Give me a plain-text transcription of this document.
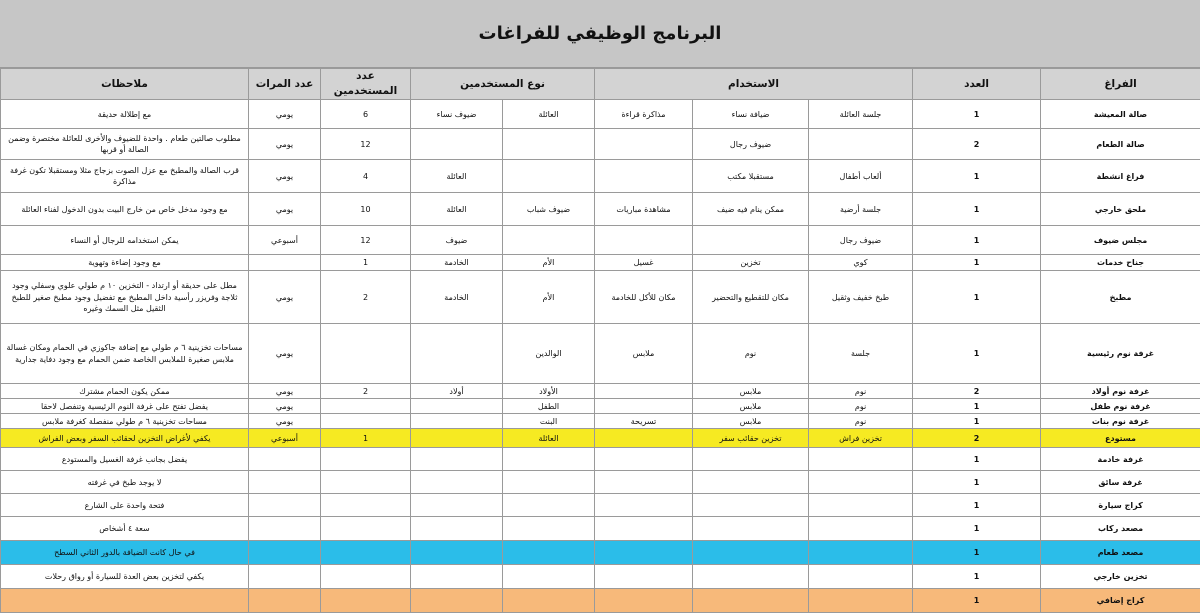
البرنامج الوظيفي للفراغات
ملاحظات	عدد المرات	عدد المستخدمين	نوع المستخدمين		الاستخدام			العدد	الفراغ
مع إطلالة حديقة	يومي	6	ضيوف نساء	العائلة	مذاكرة قراءة	ضيافة نساء	جلسة العائلة	1	صالة المعيشة
مطلوب صالتين طعام . واحدة للضيوف والأخرى للعائلة مختصرة وضمن الصالة أو قربها	يومي	12				ضيوف رجال		2	صالة الطعام
قرب الصالة والمطبخ مع عزل الصوت بزجاج مثلا ومستقبلا تكون غرفة مذاكرة	يومي	4	العائلة			مستقبلا مكتب	ألعاب أطفال	1	فراغ انشطة
مع وجود مدخل خاص من خارج البيت بدون الدخول لفناء العائلة	يومي	10	العائلة	ضيوف شباب	مشاهدة مباريات	ممكن ينام فيه ضيف	جلسة أرضية	1	ملحق خارجي
يمكن استخدامه للرجال أو النساء	أسبوعي	12	ضيوف				ضيوف رجال	1	مجلس ضيوف
مع وجود إضاءة وتهوية		1	الخادمة	الأم	غسيل	تخزين	كوي	1	جناح خدمات
مطل على حديقة أو ارتداد - التخزين ١٠ م طولي علوي وسفلي وجود ثلاجة وفريزر رأسية داخل المطبخ مع تفضيل وجود مطبخ صغير للطبخ الثقيل مثل السمك وغيره	يومي	2	الخادمة	الأم	مكان للأكل للخادمة	مكان للتقطيع والتحضير	طبخ خفيف وثقيل	1	مطبخ
مساحات تخزينية ٦ م طولي مع إضافة جاكوزي في الحمام ومكان غسالة ملابس صغيرة للملابس الخاصة ضمن الحمام مع وجود دفاية جدارية	يومي			الوالدين	ملابس	نوم	جلسة	1	غرفة نوم رئيسية
ممكن يكون الحمام مشترك	يومي	2	أولاد	الأولاد		ملابس	نوم	2	غرفة نوم أولاد
يفضل تفتح على غرفة النوم الرئيسية وتنفصل لاحقا	يومي			الطفل		ملابس	نوم	1	غرفة نوم طفل
مساحات تخزينية ٦ م طولي منفصلة كغرفة ملابس	يومي			البنت	تسريحة	ملابس	نوم	1	غرفة نوم بنات
يكفي لأغراض التخزين لحقائب السفر وبعض الفراش	أسبوعي	1		العائلة		تخزين حقائب سفر	تخزين فراش	2	مستودع
يفضل بجانب غرفة الغسيل والمستودع								1	غرفة خادمة
لا يوجد طبخ في غرفته								1	غرفة سائق
فتحة واحدة على الشارع								1	كراج سيارة
سعة ٤ أشخاص								1	مصعد ركاب
في حال كانت الضيافة بالدور الثاني السطح								1	مصعد طعام
يكفي لتخزين بعض العدة للسيارة أو رواق رحلات								1	تخزين خارجي
								1	كراج إضافي
